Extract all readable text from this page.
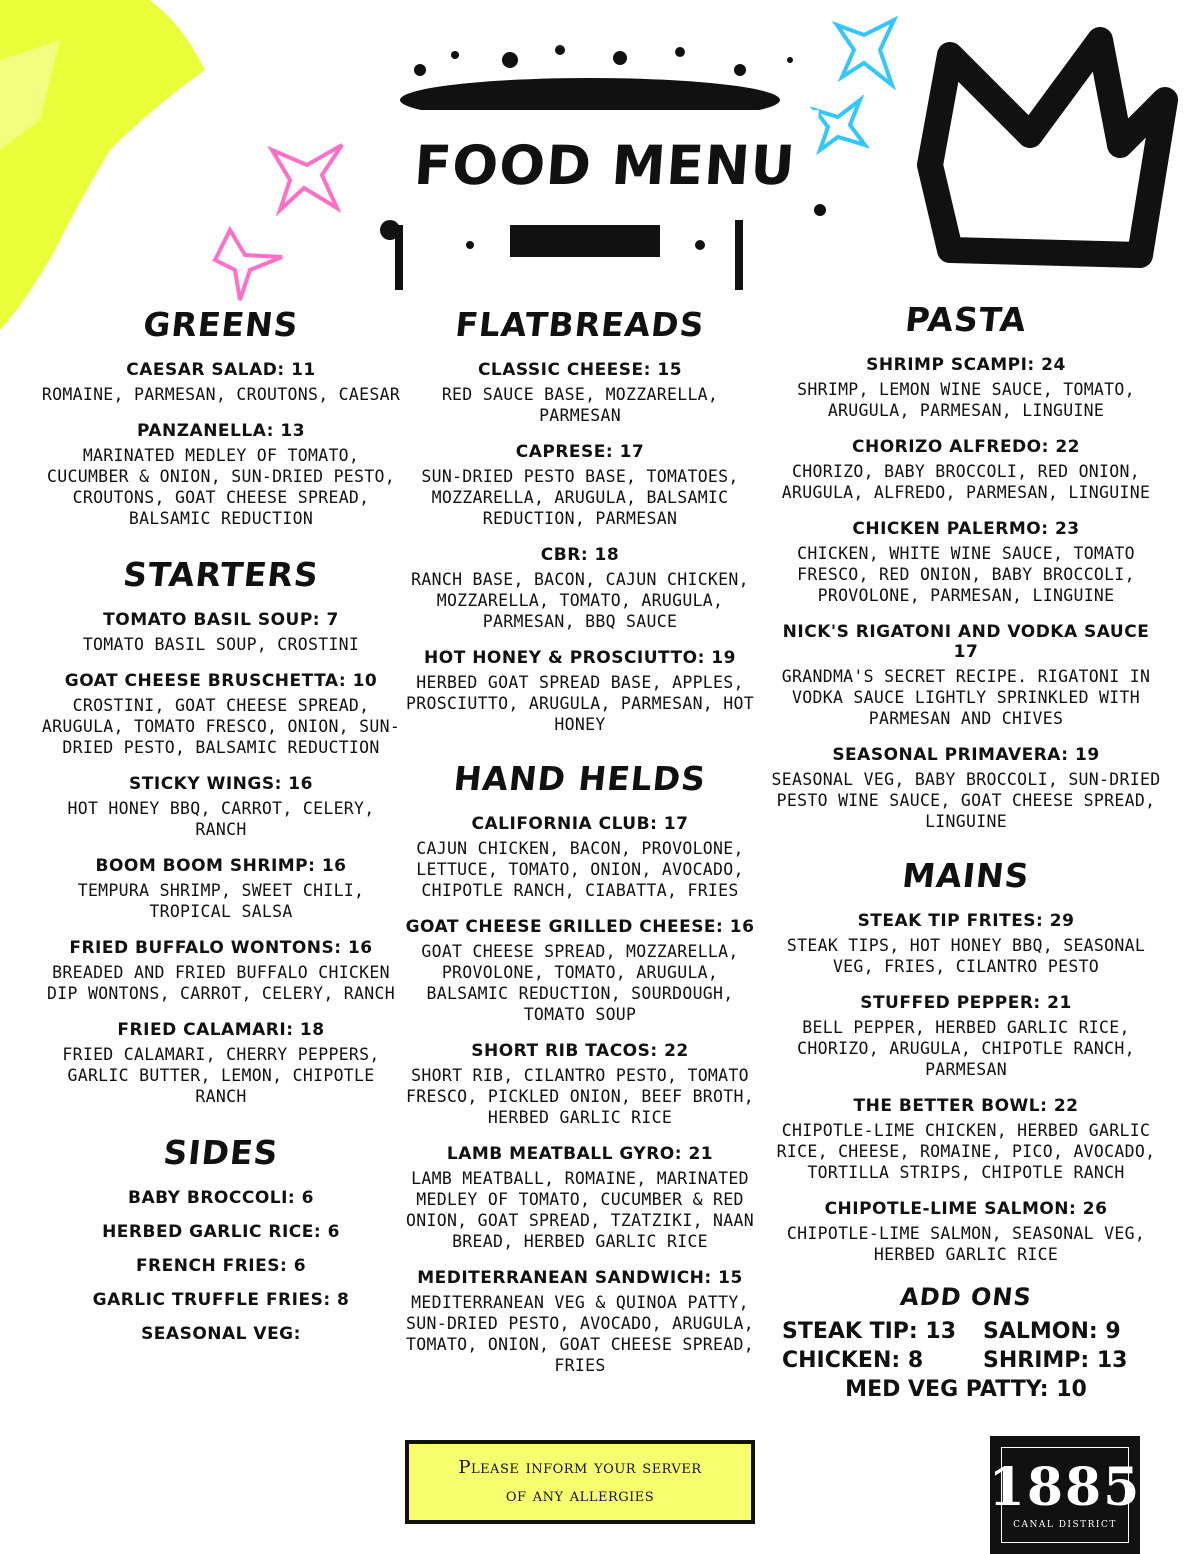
FOOD MENU
GREENS
CAESAR SALAD: 11
ROMAINE, PARMESAN, CROUTONS, CAESAR
PANZANELLA: 13
MARINATED MEDLEY OF TOMATO, CUCUMBER & ONION, SUN-DRIED PESTO, CROUTONS, GOAT CHEESE SPREAD, BALSAMIC REDUCTION
STARTERS
TOMATO BASIL SOUP: 7
TOMATO BASIL SOUP, CROSTINI
GOAT CHEESE BRUSCHETTA: 10
CROSTINI, GOAT CHEESE SPREAD, ARUGULA, TOMATO FRESCO, ONION, SUN-DRIED PESTO, BALSAMIC REDUCTION
STICKY WINGS: 16
HOT HONEY BBQ, CARROT, CELERY, RANCH
BOOM BOOM SHRIMP: 16
TEMPURA SHRIMP, SWEET CHILI, TROPICAL SALSA
FRIED BUFFALO WONTONS: 16
BREADED AND FRIED BUFFALO CHICKEN DIP WONTONS, CARROT, CELERY, RANCH
FRIED CALAMARI: 18
FRIED CALAMARI, CHERRY PEPPERS, GARLIC BUTTER, LEMON, CHIPOTLE RANCH
SIDES
BABY BROCCOLI: 6
HERBED GARLIC RICE: 6
FRENCH FRIES: 6
GARLIC TRUFFLE FRIES: 8
SEASONAL VEG:
FLATBREADS
CLASSIC CHEESE: 15
RED SAUCE BASE, MOZZARELLA, PARMESAN
CAPRESE: 17
SUN-DRIED PESTO BASE, TOMATOES, MOZZARELLA, ARUGULA, BALSAMIC REDUCTION, PARMESAN
CBR: 18
RANCH BASE, BACON, CAJUN CHICKEN, MOZZARELLA, TOMATO, ARUGULA, PARMESAN, BBQ SAUCE
HOT HONEY & PROSCIUTTO: 19
HERBED GOAT SPREAD BASE, APPLES, PROSCIUTTO, ARUGULA, PARMESAN, HOT HONEY
HAND HELDS
CALIFORNIA CLUB: 17
CAJUN CHICKEN, BACON, PROVOLONE, LETTUCE, TOMATO, ONION, AVOCADO, CHIPOTLE RANCH, CIABATTA, FRIES
GOAT CHEESE GRILLED CHEESE: 16
GOAT CHEESE SPREAD, MOZZARELLA, PROVOLONE, TOMATO, ARUGULA, BALSAMIC REDUCTION, SOURDOUGH, TOMATO SOUP
SHORT RIB TACOS: 22
SHORT RIB, CILANTRO PESTO, TOMATO FRESCO, PICKLED ONION, BEEF BROTH, HERBED GARLIC RICE
LAMB MEATBALL GYRO: 21
LAMB MEATBALL, ROMAINE, MARINATED MEDLEY OF TOMATO, CUCUMBER & RED ONION, GOAT SPREAD, TZATZIKI, NAAN BREAD, HERBED GARLIC RICE
MEDITERRANEAN SANDWICH: 15
MEDITERRANEAN VEG & QUINOA PATTY, SUN-DRIED PESTO, AVOCADO, ARUGULA, TOMATO, ONION, GOAT CHEESE SPREAD, FRIES
PASTA
SHRIMP SCAMPI: 24
SHRIMP, LEMON WINE SAUCE, TOMATO, ARUGULA, PARMESAN, LINGUINE
CHORIZO ALFREDO: 22
CHORIZO, BABY BROCCOLI, RED ONION, ARUGULA, ALFREDO, PARMESAN, LINGUINE
CHICKEN PALERMO: 23
CHICKEN, WHITE WINE SAUCE, TOMATO FRESCO, RED ONION, BABY BROCCOLI, PROVOLONE, PARMESAN, LINGUINE
NICK'S RIGATONI AND VODKA SAUCE 17
GRANDMA'S SECRET RECIPE. RIGATONI IN VODKA SAUCE LIGHTLY SPRINKLED WITH PARMESAN AND CHIVES
SEASONAL PRIMAVERA: 19
SEASONAL VEG, BABY BROCCOLI, SUN-DRIED PESTO WINE SAUCE, GOAT CHEESE SPREAD, LINGUINE
MAINS
STEAK TIP FRITES: 29
STEAK TIPS, HOT HONEY BBQ, SEASONAL VEG, FRIES, CILANTRO PESTO
STUFFED PEPPER: 21
BELL PEPPER, HERBED GARLIC RICE, CHORIZO, ARUGULA, CHIPOTLE RANCH, PARMESAN
THE BETTER BOWL: 22
CHIPOTLE-LIME CHICKEN, HERBED GARLIC RICE, CHEESE, ROMAINE, PICO, AVOCADO, TORTILLA STRIPS, CHIPOTLE RANCH
CHIPOTLE-LIME SALMON: 26
CHIPOTLE-LIME SALMON, SEASONAL VEG, HERBED GARLIC RICE
ADD ONS
STEAK TIP: 13	SALMON: 9
CHICKEN: 8	SHRIMP: 13
MED VEG PATTY: 10
Please inform your server
of any allergies	1885
CANAL DISTRICT
